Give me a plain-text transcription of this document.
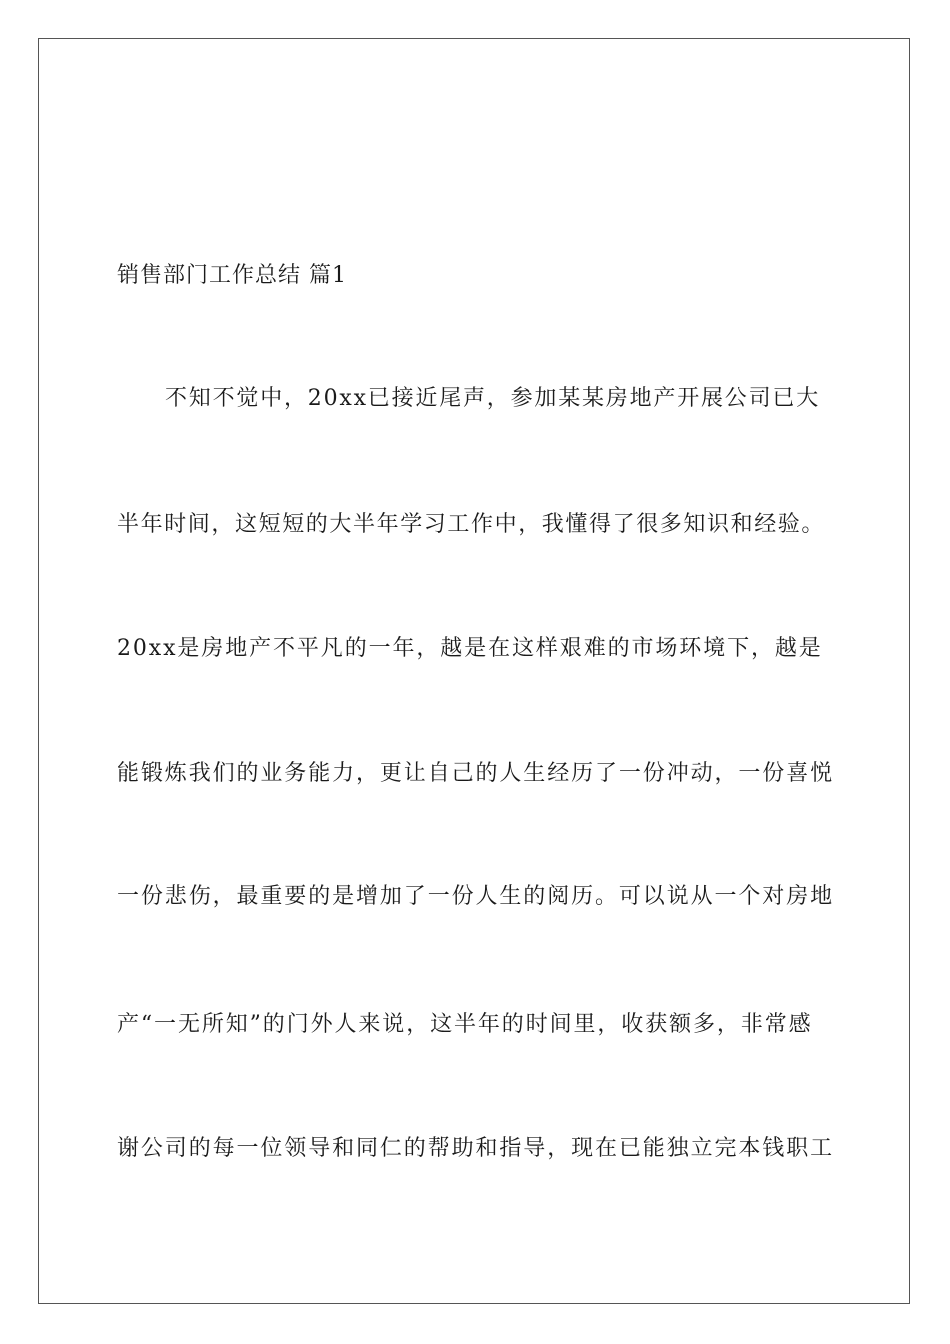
销售部门工作总结 篇1
不知不觉中，20xx已接近尾声，参加某某房地产开展公司已大
半年时间，这短短的大半年学习工作中，我懂得了很多知识和经验。
20xx是房地产不平凡的一年，越是在这样艰难的市场环境下，越是
能锻炼我们的业务能力，更让自己的人生经历了一份冲动，一份喜悦
一份悲伤，最重要的是增加了一份人生的阅历。可以说从一个对房地
产“一无所知”的门外人来说，这半年的时间里，收获额多，非常感
谢公司的每一位领导和同仁的帮助和指导，现在已能独立完本钱职工
